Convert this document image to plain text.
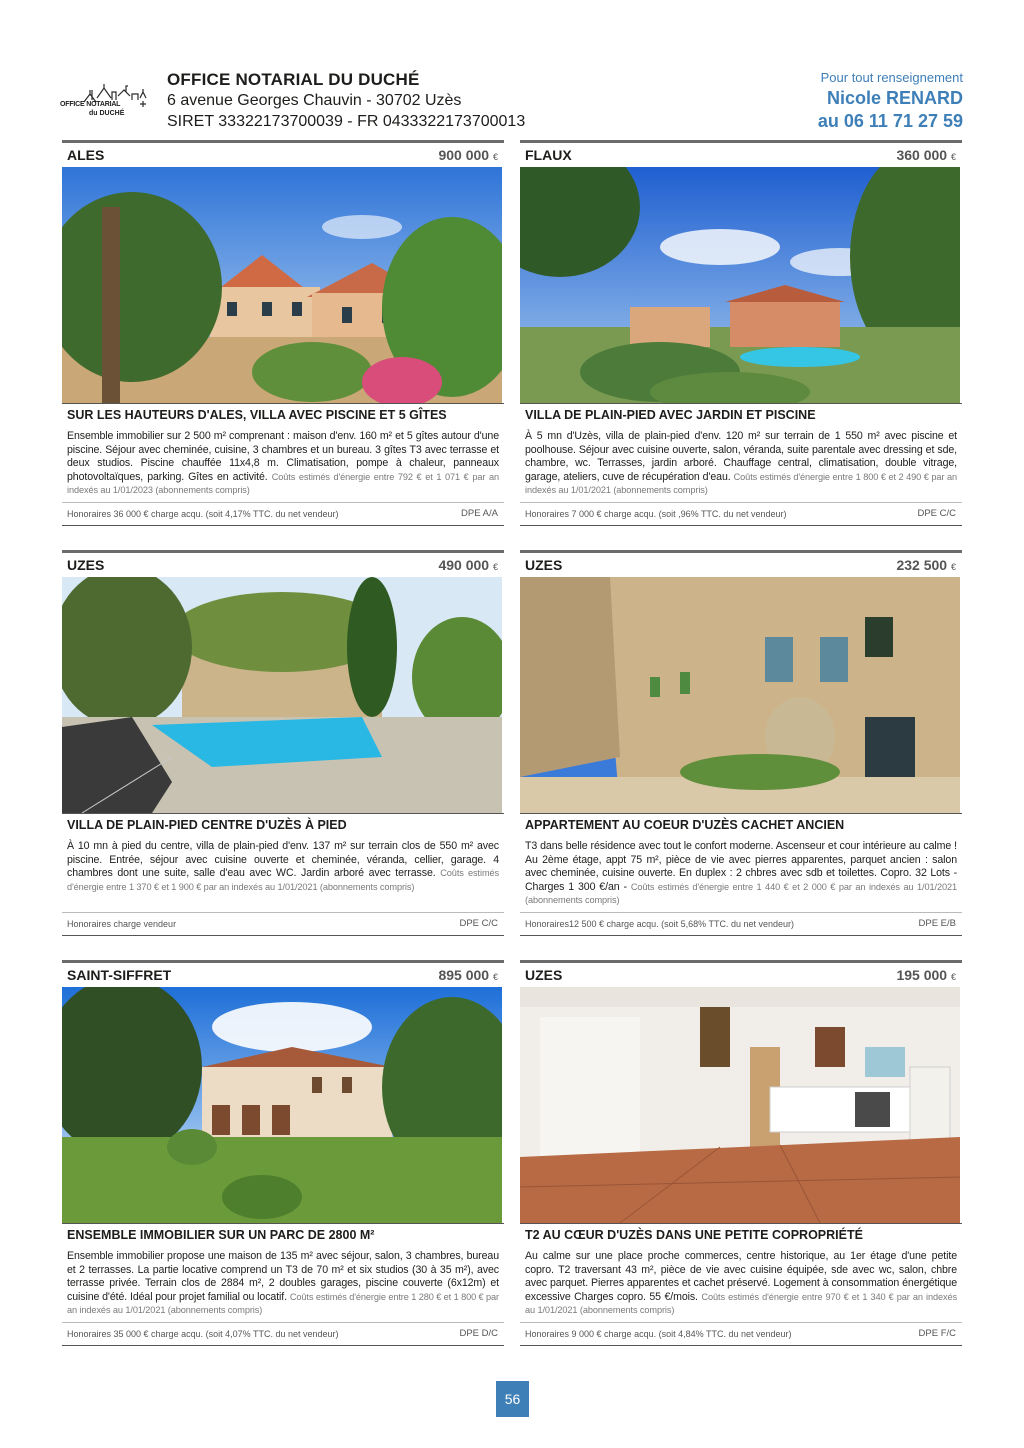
OFFICE NOTARIAL
du DUCHÉ
OFFICE NOTARIAL DU DUCHÉ
6 avenue Georges Chauvin - 30702 Uzès
SIRET 33322173700039 - FR 0433322173700013
Pour tout renseignement
Nicole RENARD
au 06 11 71 27 59
ALES	900 000 €
SUR LES HAUTEURS D'ALES, VILLA AVEC PISCINE ET 5 GÎTES
Ensemble immobilier sur 2 500 m² comprenant : maison d'env. 160 m² et 5 gîtes autour d'une piscine. Séjour avec cheminée, cuisine, 3 chambres et un bureau. 3 gîtes T3 avec terrasse et deux studios. Piscine chauffée 11x4,8 m. Climatisation, pompe à chaleur, panneaux photovoltaïques, parking. Gîtes en activité. Coûts estimés d'énergie entre 792 € et 1 071 € par an indexés au 1/01/2023 (abonnements compris)
Honoraires 36 000 € charge acqu. (soit 4,17% TTC. du net vendeur)	DPE A/A
FLAUX	360 000 €
VILLA DE PLAIN-PIED AVEC JARDIN ET PISCINE
À 5 mn d'Uzès, villa de plain-pied d'env. 120 m² sur terrain de 1 550 m² avec piscine et poolhouse. Séjour avec cuisine ouverte, salon, véranda, suite parentale avec dressing et sde, chambre, wc. Terrasses, jardin arboré. Chauffage central, climatisation, double vitrage, garage, ateliers, cuve de récupération d'eau. Coûts estimés d'énergie entre 1 800 € et 2 490 € par an indexés au 1/01/2021 (abonnements compris)
Honoraires 7 000 € charge acqu. (soit ,96% TTC. du net vendeur)	DPE C/C
UZES	490 000 €
VILLA DE PLAIN-PIED CENTRE D'UZÈS À PIED
À 10 mn à pied du centre, villa de plain-pied d'env. 137 m² sur terrain clos de 550 m² avec piscine. Entrée, séjour avec cuisine ouverte et cheminée, véranda, cellier, garage. 4 chambres dont une suite, salle d'eau avec WC. Jardin arboré avec terrasse. Coûts estimés d'énergie entre 1 370 € et 1 900 € par an indexés au 1/01/2021 (abonnements compris)
Honoraires charge vendeur	DPE C/C
UZES	232 500 €
APPARTEMENT AU COEUR D'UZÈS CACHET ANCIEN
T3 dans belle résidence avec tout le confort moderne. Ascenseur et cour intérieure au calme ! Au 2ème étage, appt 75 m², pièce de vie avec pierres apparentes, parquet ancien : salon avec cheminée, cuisine ouverte. En duplex : 2 chbres avec sdb et toilettes. Copro. 32 Lots - Charges 1 300 €/an - Coûts estimés d'énergie entre 1 440 € et 2 000 € par an indexés au 1/01/2021 (abonnements compris)
Honoraires12 500 € charge acqu. (soit 5,68% TTC. du net vendeur)	DPE E/B
SAINT-SIFFRET	895 000 €
ENSEMBLE IMMOBILIER SUR UN PARC DE 2800 M²
Ensemble immobilier propose une maison de 135 m² avec séjour, salon, 3 chambres, bureau et 2 terrasses. La partie locative comprend un T3 de 70 m² et six studios (30 à 35 m²), avec terrasse privée. Terrain clos de 2884 m², 2 doubles garages, piscine couverte (6x12m) et cuisine d'été. Idéal pour projet familial ou locatif. Coûts estimés d'énergie entre 1 280 € et 1 800 € par an indexés au 1/01/2021 (abonnements compris)
Honoraires 35 000 € charge acqu. (soit 4,07% TTC. du net vendeur)	DPE D/C
UZES	195 000 €
T2 AU CŒUR D'UZÈS DANS UNE PETITE COPROPRIÉTÉ
Au calme sur une place proche commerces, centre historique, au 1er étage d'une petite copro. T2 traversant 43 m², pièce de vie avec cuisine équipée, sde avec wc, salon, chbre avec parquet. Pierres apparentes et cachet préservé. Logement à consommation énergétique excessive Charges copro. 55 €/mois. Coûts estimés d'énergie entre 970 € et 1 340 € par an indexés au 1/01/2021 (abonnements compris)
Honoraires 9 000 € charge acqu. (soit 4,84% TTC. du net vendeur)	DPE F/C
56
